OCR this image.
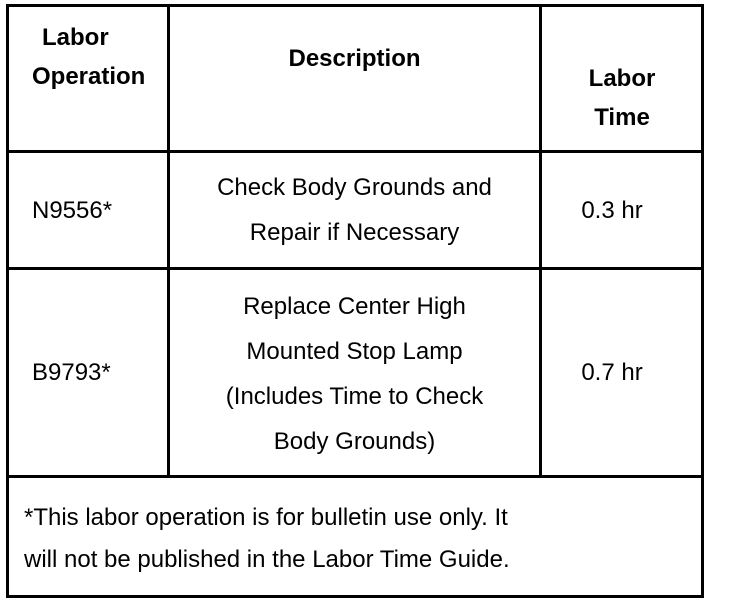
Labor
Operation
Description
Labor
Time
N9556*
Check Body Grounds and
Repair if Necessary
0.3 hr
B9793*
Replace Center High
Mounted Stop Lamp
(Includes Time to Check
Body Grounds)
0.7 hr
*This labor operation is for bulletin use only. It
will not be published in the Labor Time Guide.
